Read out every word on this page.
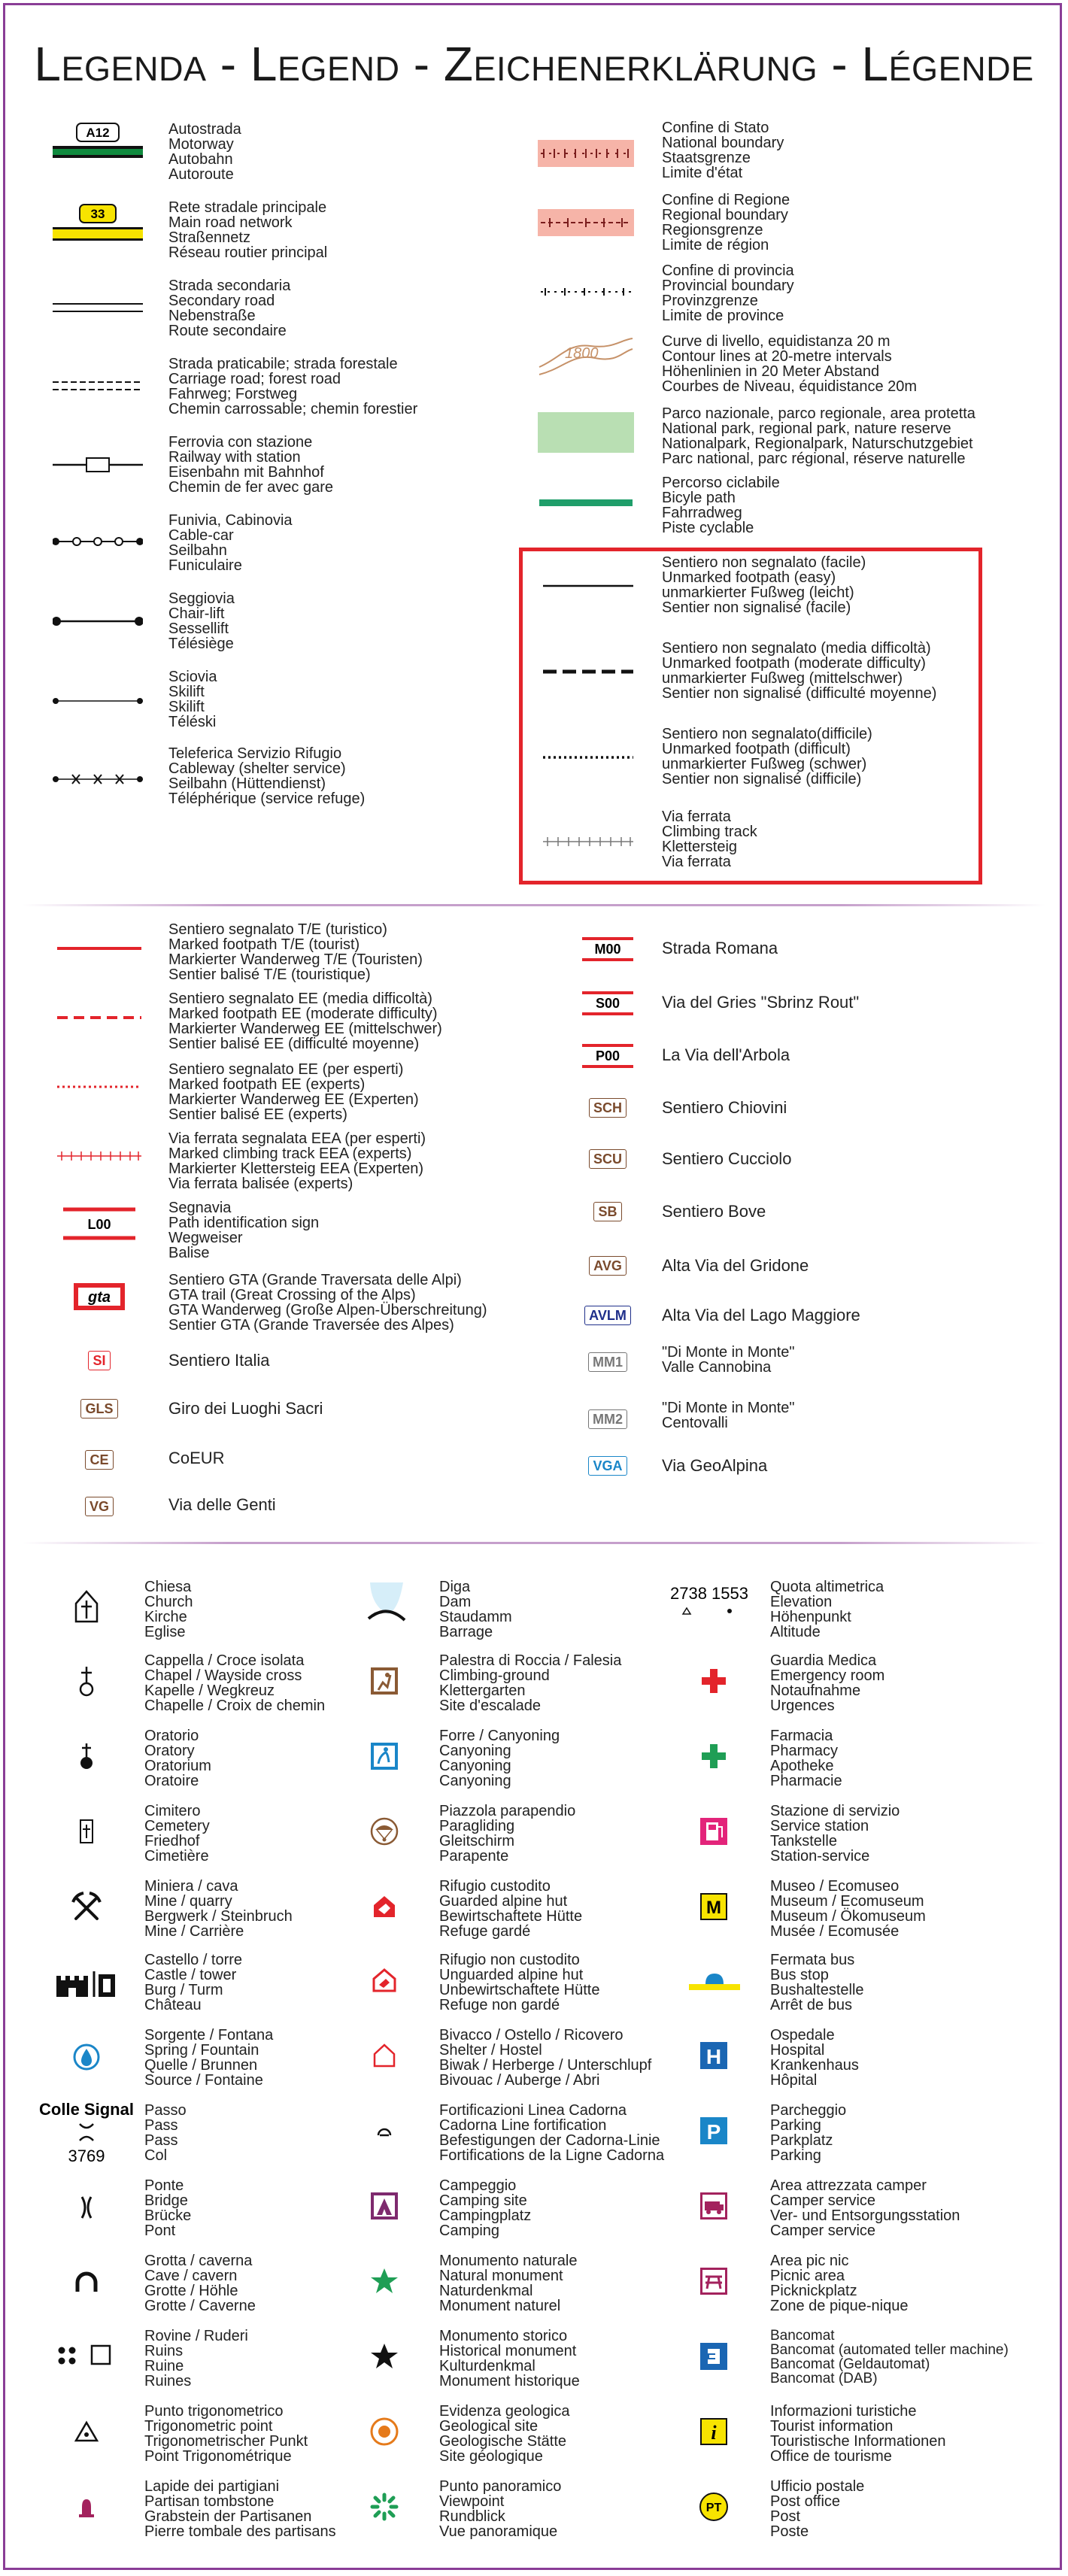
Legenda - Legend - Zeichenerklärung - Légende
A12
33
1800
L00
gta
SI
GLS
CE
VG
M00
S00
P00
SCH
SCU
SB
AVG
AVLM
MM1
MM2
VGA
Colle Signal
3769
2738 1553
M
H
P
i
PT
Autostrada
Motorway
Autobahn
Autoroute
Rete stradale principale
Main road network
Straßennetz
Réseau routier principal
Strada secondaria
Secondary road
Nebenstraße
Route secondaire
Strada praticabile; strada forestale
Carriage road; forest road
Fahrweg; Forstweg
Chemin carrossable; chemin forestier
Ferrovia con stazione
Railway with station
Eisenbahn mit Bahnhof
Chemin de fer avec gare
Funivia, Cabinovia
Cable-car
Seilbahn
Funiculaire
Seggiovia
Chair-lift
Sessellift
Télésiège
Sciovia
Skilift
Skilift
Téléski
Teleferica Servizio Rifugio
Cableway (shelter service)
Seilbahn (Hüttendienst)
Téléphérique (service refuge)
Confine di Stato
National boundary
Staatsgrenze
Limite d'état
Confine di Regione
Regional boundary
Regionsgrenze
Limite de région
Confine di provincia
Provincial boundary
Provinzgrenze
Limite de province
Curve di livello, equidistanza 20 m
Contour lines at 20-metre intervals
Höhenlinien in 20 Meter Abstand
Courbes de Niveau, équidistance 20m
Parco nazionale, parco regionale, area protetta
National park, regional park, nature reserve
Nationalpark, Regionalpark, Naturschutzgebiet
Parc national, parc régional, réserve naturelle
Percorso ciclabile
Bicyle path
Fahrradweg
Piste cyclable
Sentiero non segnalato (facile)
Unmarked footpath (easy)
unmarkierter Fußweg (leicht)
Sentier non signalisé (facile)
Sentiero non segnalato (media difficoltà)
Unmarked footpath (moderate difficulty)
unmarkierter Fußweg (mittelschwer)
Sentier non signalisé (difficulté moyenne)
Sentiero non segnalato(difficile)
Unmarked footpath (difficult)
unmarkierter Fußweg (schwer)
Sentier non signalisé (difficile)
Via ferrata
Climbing track
Klettersteig
Via ferrata
Sentiero segnalato T/E (turistico)
Marked footpath T/E (tourist)
Markierter Wanderweg T/E (Touristen)
Sentier balisé T/E (touristique)
Sentiero segnalato EE (media difficoltà)
Marked footpath EE (moderate difficulty)
Markierter Wanderweg EE (mittelschwer)
Sentier balisé EE (difficulté moyenne)
Sentiero segnalato EE (per esperti)
Marked footpath EE (experts)
Markierter Wanderweg EE (Experten)
Sentier balisé EE (experts)
Via ferrata segnalata EEA (per esperti)
Marked climbing track EEA (experts)
Markierter Klettersteig EEA (Experten)
Via ferrata balisée (experts)
Segnavia
Path identification sign
Wegweiser
Balise
Sentiero GTA (Grande Traversata delle Alpi)
GTA trail (Great Crossing of the Alps)
GTA Wanderweg (Große Alpen-Überschreitung)
Sentier GTA (Grande Traversée des Alpes)
Sentiero Italia
Giro dei Luoghi Sacri
CoEUR
Via delle Genti
Strada Romana
Via del Gries "Sbrinz Rout"
La Via dell'Arbola
Sentiero Chiovini
Sentiero Cucciolo
Sentiero Bove
Alta Via del Gridone
Alta Via del Lago Maggiore
"Di Monte in Monte"
Valle Cannobina
"Di Monte in Monte"
Centovalli
Via GeoAlpina
Chiesa
Church
Kirche
Eglise
Cappella / Croce isolata
Chapel / Wayside cross
Kapelle / Wegkreuz
Chapelle / Croix de chemin
Oratorio
Oratory
Oratorium
Oratoire
Cimitero
Cemetery
Friedhof
Cimetière
Miniera / cava
Mine / quarry
Bergwerk / Steinbruch
Mine / Carrière
Castello / torre
Castle / tower
Burg / Turm
Château
Sorgente / Fontana
Spring / Fountain
Quelle / Brunnen
Source / Fontaine
Passo
Pass
Pass
Col
Ponte
Bridge
Brücke
Pont
Grotta / caverna
Cave / cavern
Grotte / Höhle
Grotte / Caverne
Rovine / Ruderi
Ruins
Ruine
Ruines
Punto trigonometrico
Trigonometric point
Trigonometrischer Punkt
Point Trigonométrique
Lapide dei partigiani
Partisan tombstone
Grabstein der Partisanen
Pierre tombale des partisans
Diga
Dam
Staudamm
Barrage
Palestra di Roccia / Falesia
Climbing-ground
Klettergarten
Site d'escalade
Forre / Canyoning
Canyoning
Canyoning
Canyoning
Piazzola parapendio
Paragliding
Gleitschirm
Parapente
Rifugio custodito
Guarded alpine hut
Bewirtschaftete Hütte
Refuge gardé
Rifugio non custodito
Unguarded alpine hut
Unbewirtschaftete Hütte
Refuge non gardé
Bivacco / Ostello / Ricovero
Shelter / Hostel
Biwak / Herberge / Unterschlupf
Bivouac / Auberge / Abri
Fortificazioni Linea Cadorna
Cadorna Line fortification
Befestigungen der Cadorna-Linie
Fortifications de la Ligne Cadorna
Campeggio
Camping site
Campingplatz
Camping
Monumento naturale
Natural monument
Naturdenkmal
Monument naturel
Monumento storico
Historical monument
Kulturdenkmal
Monument historique
Evidenza geologica
Geological site
Geologische Stätte
Site géologique
Punto panoramico
Viewpoint
Rundblick
Vue panoramique
Quota altimetrica
Elevation
Höhenpunkt
Altitude
Guardia Medica
Emergency room
Notaufnahme
Urgences
Farmacia
Pharmacy
Apotheke
Pharmacie
Stazione di servizio
Service station
Tankstelle
Station-service
Museo / Ecomuseo
Museum / Ecomuseum
Museum / Ökomuseum
Musée / Ecomusée
Fermata bus
Bus stop
Bushaltestelle
Arrêt de bus
Ospedale
Hospital
Krankenhaus
Hôpital
Parcheggio
Parking
Parkplatz
Parking
Area attrezzata camper
Camper service
Ver- und Entsorgungsstation
Camper service
Area pic nic
Picnic area
Picknickplatz
Zone de pique-nique
Bancomat
Bancomat (automated teller machine)
Bancomat (Geldautomat)
Bancomat (DAB)
Informazioni turistiche
Tourist information
Touristische Informationen
Office de tourisme
Ufficio postale
Post office
Post
Poste
